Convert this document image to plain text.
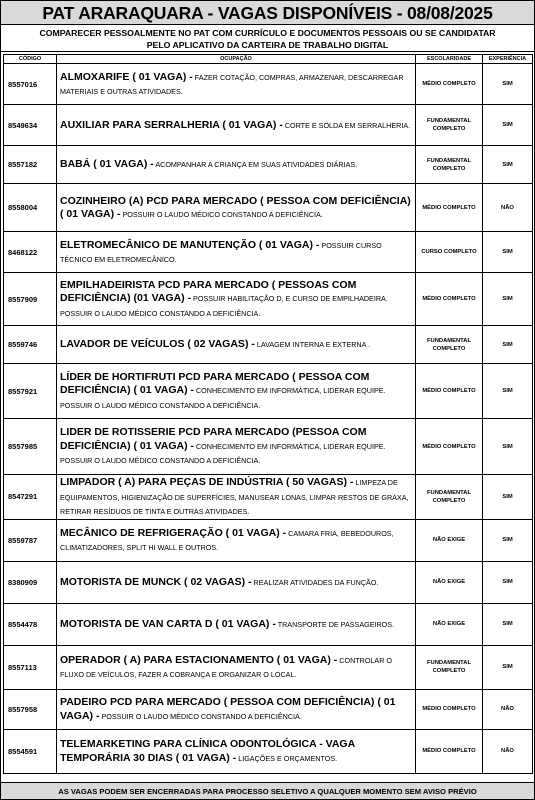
PAT ARARAQUARA - VAGAS DISPONÍVEIS - 08/08/2025
COMPARECER PESSOALMENTE NO PAT COM CURRÍCULO E DOCUMENTOS PESSOAIS OU SE CANDIDATAR
PELO APLICATIVO DA CARTEIRA DE TRABALHO DIGITAL
CÓDIGO	OCUPAÇÃO	ESCOLARIDADE	EXPERIÊNCIA
8557016	ALMOXARIFE ( 01 VAGA) - FAZER COTAÇÃO, COMPRAS, ARMAZENAR, DESCARREGAR MATERIAIS E OUTRAS ATIVIDADES.	MÉDIO COMPLETO	SIM
8549634	AUXILIAR PARA SERRALHERIA ( 01 VAGA) - CORTE E SOLDA EM SERRALHERIA.	FUNDAMENTAL COMPLETO	SIM
8557182	BABÁ ( 01 VAGA) - ACOMPANHAR A CRIANÇA EM SUAS ATIVIDADES DIÁRIAS.	FUNDAMENTAL COMPLETO	SIM
8558004	COZINHEIRO (A) PCD PARA MERCADO ( PESSOA COM DEFICIÊNCIA) ( 01 VAGA) - POSSUIR O LAUDO MÉDICO CONSTANDO A DEFICIÊNCIA.	MÉDIO COMPLETO	NÃO
8468122	ELETROMECÂNICO DE MANUTENÇÃO ( 01 VAGA) - POSSUIR CURSO TÉCNICO EM ELETROMECÂNICO.	CURSO COMPLETO	SIM
8557909	EMPILHADEIRISTA PCD PARA MERCADO ( PESSOAS COM DEFICIÊNCIA) (01 VAGA) - POSSUIR HABILITAÇÃO D, E CURSO DE EMPILHADEIRA. POSSUIR O LAUDO MÉDICO CONSTANDO A DEFICIÊNCIA.	MÉDIO COMPLETO	SIM
8559746	LAVADOR DE VEÍCULOS ( 02 VAGAS) - LAVAGEM INTERNA E EXTERNA .	FUNDAMENTAL COMPLETO	SIM
8557921	LÍDER DE HORTIFRUTI PCD PARA MERCADO ( PESSOA COM DEFICIÊNCIA) ( 01 VAGA) - CONHECIMENTO EM INFORMÁTICA, LIDERAR EQUIPE. POSSUIR O LAUDO MÉDICO CONSTANDO A DEFICIÊNCIA.	MÉDIO COMPLETO	SIM
8557985	LIDER DE ROTISSERIE PCD PARA MERCADO (PESSOA COM DEFICIÊNCIA) ( 01 VAGA) - CONHECIMENTO EM INFORMÁTICA, LIDERAR EQUIPE. POSSUIR O LAUDO MÉDICO CONSTANDO A DEFICIÊNCIA.	MÉDIO COMPLETO	SIM
8547291	LIMPADOR ( A) PARA PEÇAS DE INDÚSTRIA ( 50 VAGAS) - LIMPEZA DE EQUIPAMENTOS, HIGIENIZAÇÃO DE SUPERFÍCIES, MANUSEAR LONAS, LIMPAR RESTOS DE GRAXA, RETIRAR RESÍDUOS DE TINTA E OUTRAS ATIVIDADES.	FUNDAMENTAL COMPLETO	SIM
8559787	MECÂNICO DE REFRIGERAÇÃO ( 01 VAGA) - CAMARA FRIA, BEBEDOUROS, CLIMATIZADORES, SPLIT HI WALL E OUTROS.	NÃO EXIGE	SIM
8380909	MOTORISTA DE MUNCK ( 02 VAGAS) - REALIZAR ATIVIDADES DA FUNÇÃO.	NÃO EXIGE	SIM
8554478	MOTORISTA DE VAN CARTA D ( 01 VAGA) - TRANSPORTE DE PASSAGEIROS.	NÃO EXIGE	SIM
8557113	OPERADOR ( A) PARA ESTACIONAMENTO ( 01 VAGA) - CONTROLAR O FLUXO DE VEÍCULOS, FAZER A COBRANÇA E ORGANIZAR O LOCAL.	FUNDAMENTAL COMPLETO	SIM
8557958	PADEIRO PCD PARA MERCADO ( PESSOA COM DEFICIÊNCIA) ( 01 VAGA) - POSSUIR O LAUDO MÉDICO CONSTANDO A DEFICIÊNCIA.	MÉDIO COMPLETO	NÃO
8554591	TELEMARKETING PARA CLÍNICA ODONTOLÓGICA - VAGA TEMPORÁRIA 30 DIAS ( 01 VAGA) - LIGAÇÕES E ORÇAMENTOS.	MÉDIO COMPLETO	NÃO
AS VAGAS PODEM SER ENCERRADAS PARA PROCESSO SELETIVO A QUALQUER MOMENTO SEM AVISO PRÉVIO
